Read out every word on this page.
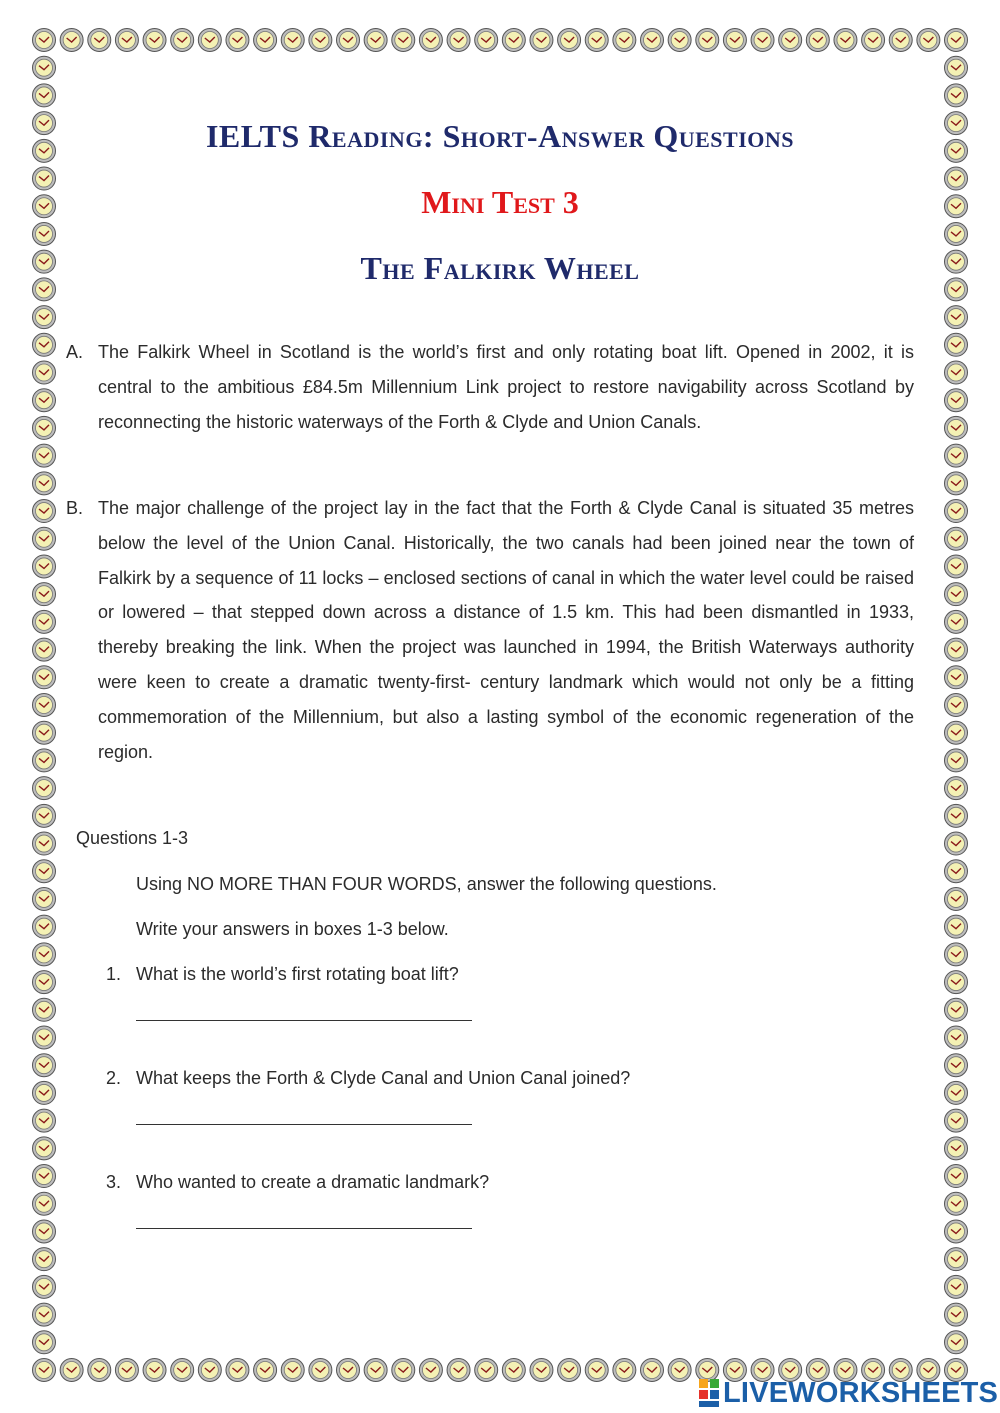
IELTS Reading: Short-Answer Questions
Mini Test 3
The Falkirk Wheel
A. The Falkirk Wheel in Scotland is the world’s first and only rotating boat lift. Opened in 2002, it is central to the ambitious £84.5m Millennium Link project to restore navigability across Scotland by reconnecting the historic waterways of the Forth & Clyde and Union Canals.
B. The major challenge of the project lay in the fact that the Forth & Clyde Canal is situated 35 metres below the level of the Union Canal. Historically, the two canals had been joined near the town of Falkirk by a sequence of 11 locks – enclosed sections of canal in which the water level could be raised or lowered – that stepped down across a distance of 1.5 km. This had been dismantled in 1933, thereby breaking the link. When the project was launched in 1994, the British Waterways authority were keen to create a dramatic twenty-first- century landmark which would not only be a fitting commemoration of the Millennium, but also a lasting symbol of the economic regeneration of the region.
Questions 1-3
Using NO MORE THAN FOUR WORDS, answer the following questions.
Write your answers in boxes 1-3 below.
1. What is the world’s first rotating boat lift?
2. What keeps the Forth & Clyde Canal and Union Canal joined?
3. Who wanted to create a dramatic landmark?
LIVEWORKSHEETS
